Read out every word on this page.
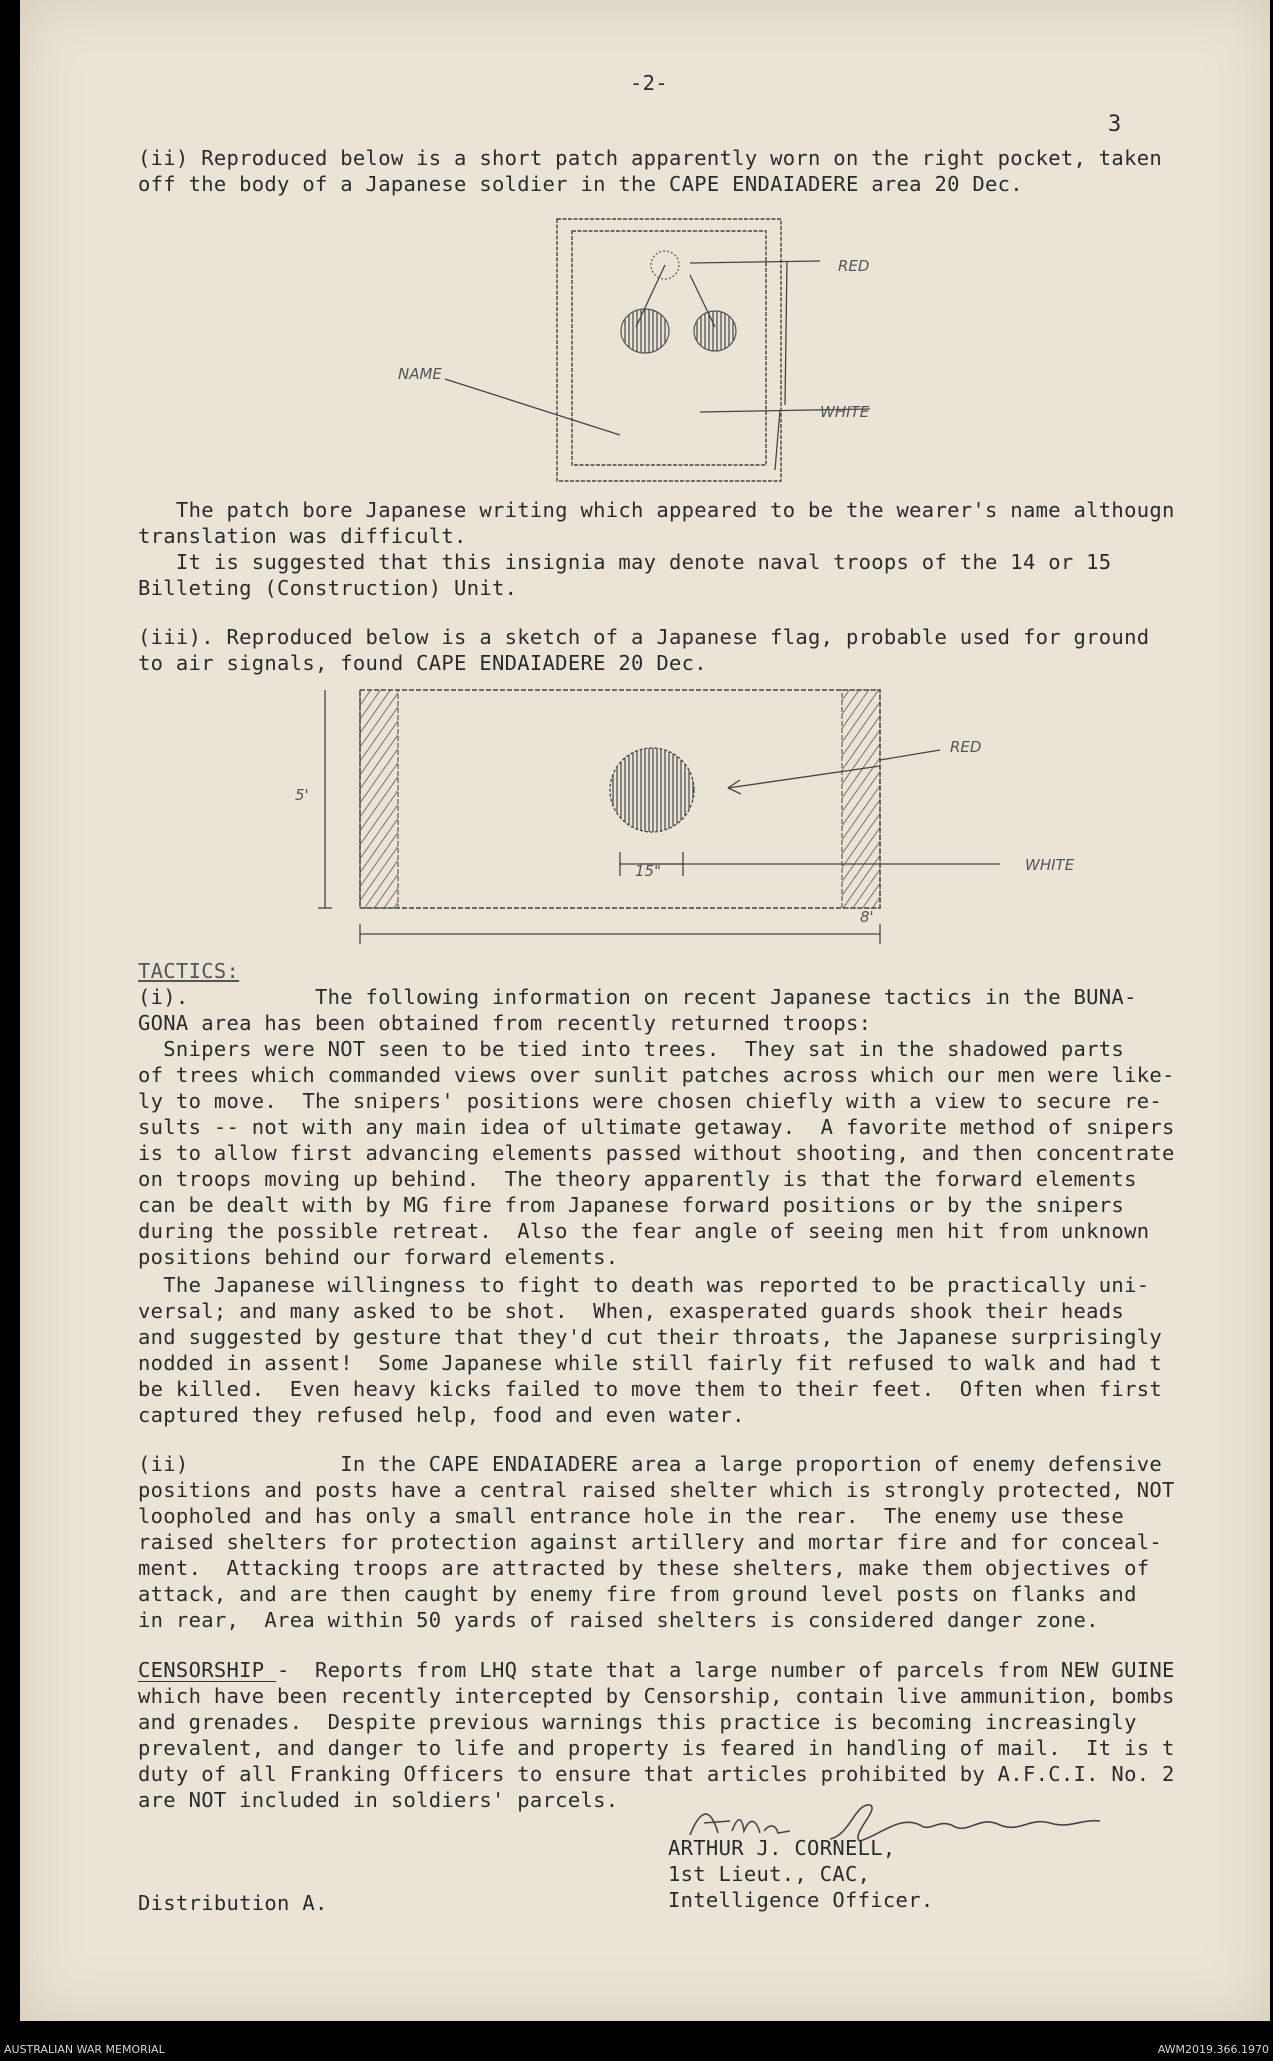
-2-
3
(ii) Reproduced below is a short patch apparently worn on the right pocket, taken
off the body of a Japanese soldier in the CAPE ENDAIADERE area 20 Dec.
RED
NAME
WHITE
The patch bore Japanese writing which appeared to be the wearer's name althougn
translation was difficult.
It is suggested that this insignia may denote naval troops of the 14 or 15
Billeting (Construction) Unit.
(iii). Reproduced below is a sketch of a Japanese flag, probable used for ground
to air signals, found CAPE ENDAIADERE 20 Dec.
8'
5'
15"
RED
WHITE
TACTICS:
(i).          The following information on recent Japanese tactics in the BUNA-
GONA area has been obtained from recently returned troops:
Snipers were NOT seen to be tied into trees.  They sat in the shadowed parts
of trees which commanded views over sunlit patches across which our men were like-
ly to move.  The snipers' positions were chosen chiefly with a view to secure re-
sults -- not with any main idea of ultimate getaway.  A favorite method of snipers
is to allow first advancing elements passed without shooting, and then concentrate
on troops moving up behind.  The theory apparently is that the forward elements
can be dealt with by MG fire from Japanese forward positions or by the snipers
during the possible retreat.  Also the fear angle of seeing men hit from unknown
positions behind our forward elements.
The Japanese willingness to fight to death was reported to be practically uni-
versal; and many asked to be shot.  When, exasperated guards shook their heads
and suggested by gesture that they'd cut their throats, the Japanese surprisingly
nodded in assent!  Some Japanese while still fairly fit refused to walk and had t
be killed.  Even heavy kicks failed to move them to their feet.  Often when first
captured they refused help, food and even water.
(ii)            In the CAPE ENDAIADERE area a large proportion of enemy defensive
positions and posts have a central raised shelter which is strongly protected, NOT
loopholed and has only a small entrance hole in the rear.  The enemy use these
raised shelters for protection against artillery and mortar fire and for conceal-
ment.  Attacking troops are attracted by these shelters, make them objectives of
attack, and are then caught by enemy fire from ground level posts on flanks and
in rear,  Area within 50 yards of raised shelters is considered danger zone.
CENSORSHIP -  Reports from LHQ state that a large number of parcels from NEW GUINE
which have been recently intercepted by Censorship, contain live ammunition, bombs
and grenades.  Despite previous warnings this practice is becoming increasingly
prevalent, and danger to life and property is feared in handling of mail.  It is t
duty of all Franking Officers to ensure that articles prohibited by A.F.C.I. No. 2
are NOT included in soldiers' parcels.
ARTHUR J. CORNELL,
1st Lieut., CAC,
Intelligence Officer.
Distribution A.
AUSTRALIAN WAR MEMORIAL	AWM2019.366.1970
